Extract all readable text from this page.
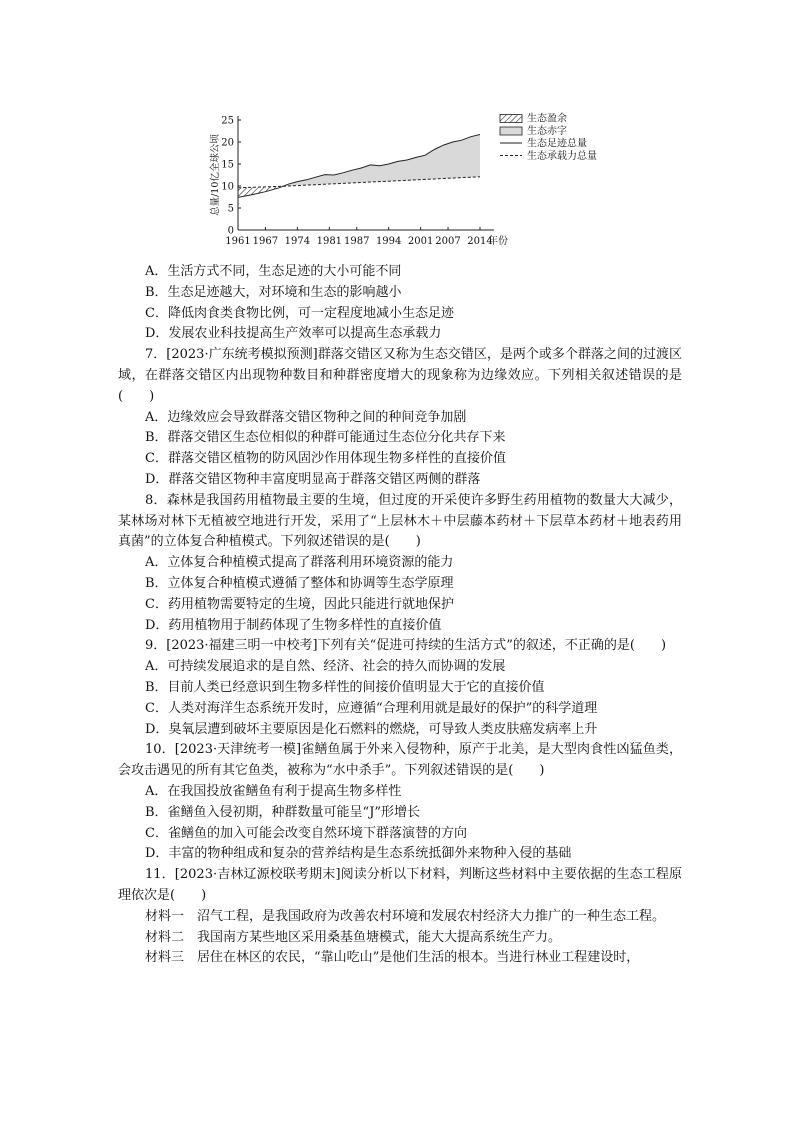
0
5
10
15
20
25
1961 1967 1974 1981 1987 1994 2001 2007 2014
年份
总量/10亿全球公顷
生态盈余
生态赤字
生态足迹总量
生态承载力总量

A．生活方式不同，生态足迹的大小可能不同

B．生态足迹越大，对环境和生态的影响越小

C．降低肉食类食物比例，可一定程度地减小生态足迹

D．发展农业科技提高生产效率可以提高生态承载力

7．[2023·广东统考模拟预测]群落交错区又称为生态交错区，是两个或多个群落之间的过渡区域，在群落交错区内出现物种数目和种群密度增大的现象称为边缘效应。下列相关叙述错误的是(　　)

A．边缘效应会导致群落交错区物种之间的种间竞争加剧

B．群落交错区生态位相似的种群可能通过生态位分化共存下来

C．群落交错区植物的防风固沙作用体现生物多样性的直接价值

D．群落交错区物种丰富度明显高于群落交错区两侧的群落

8．森林是我国药用植物最主要的生境，但过度的开采使许多野生药用植物的数量大大减少，某林场对林下无植被空地进行开发，采用了“上层林木＋中层藤本药材＋下层草本药材＋地表药用真菌”的立体复合种植模式。下列叙述错误的是(　　)

A．立体复合种植模式提高了群落利用环境资源的能力

B．立体复合种植模式遵循了整体和协调等生态学原理

C．药用植物需要特定的生境，因此只能进行就地保护

D．药用植物用于制药体现了生物多样性的直接价值

9．[2023·福建三明一中校考]下列有关“促进可持续的生活方式”的叙述，不正确的是(　　)

A．可持续发展追求的是自然、经济、社会的持久而协调的发展

B．目前人类已经意识到生物多样性的间接价值明显大于它的直接价值

C．人类对海洋生态系统开发时，应遵循“合理利用就是最好的保护”的科学道理

D．臭氧层遭到破坏主要原因是化石燃料的燃烧，可导致人类皮肤癌发病率上升

10．[2023·天津统考一模]雀鳝鱼属于外来入侵物种，原产于北美，是大型肉食性凶猛鱼类，会攻击遇见的所有其它鱼类，被称为“水中杀手”。下列叙述错误的是(　　)

A．在我国投放雀鳝鱼有利于提高生物多样性

B．雀鳝鱼入侵初期，种群数量可能呈“J”形增长

C．雀鳝鱼的加入可能会改变自然环境下群落演替的方向

D．丰富的物种组成和复杂的营养结构是生态系统抵御外来物种入侵的基础

11．[2023·吉林辽源校联考期末]阅读分析以下材料，判断这些材料中主要依据的生态工程原理依次是(　　)

材料一　沼气工程，是我国政府为改善农村环境和发展农村经济大力推广的一种生态工程。

材料二　我国南方某些地区采用桑基鱼塘模式，能大大提高系统生产力。

材料三　居住在林区的农民，“靠山吃山”是他们生活的根本。当进行林业工程建设时，
